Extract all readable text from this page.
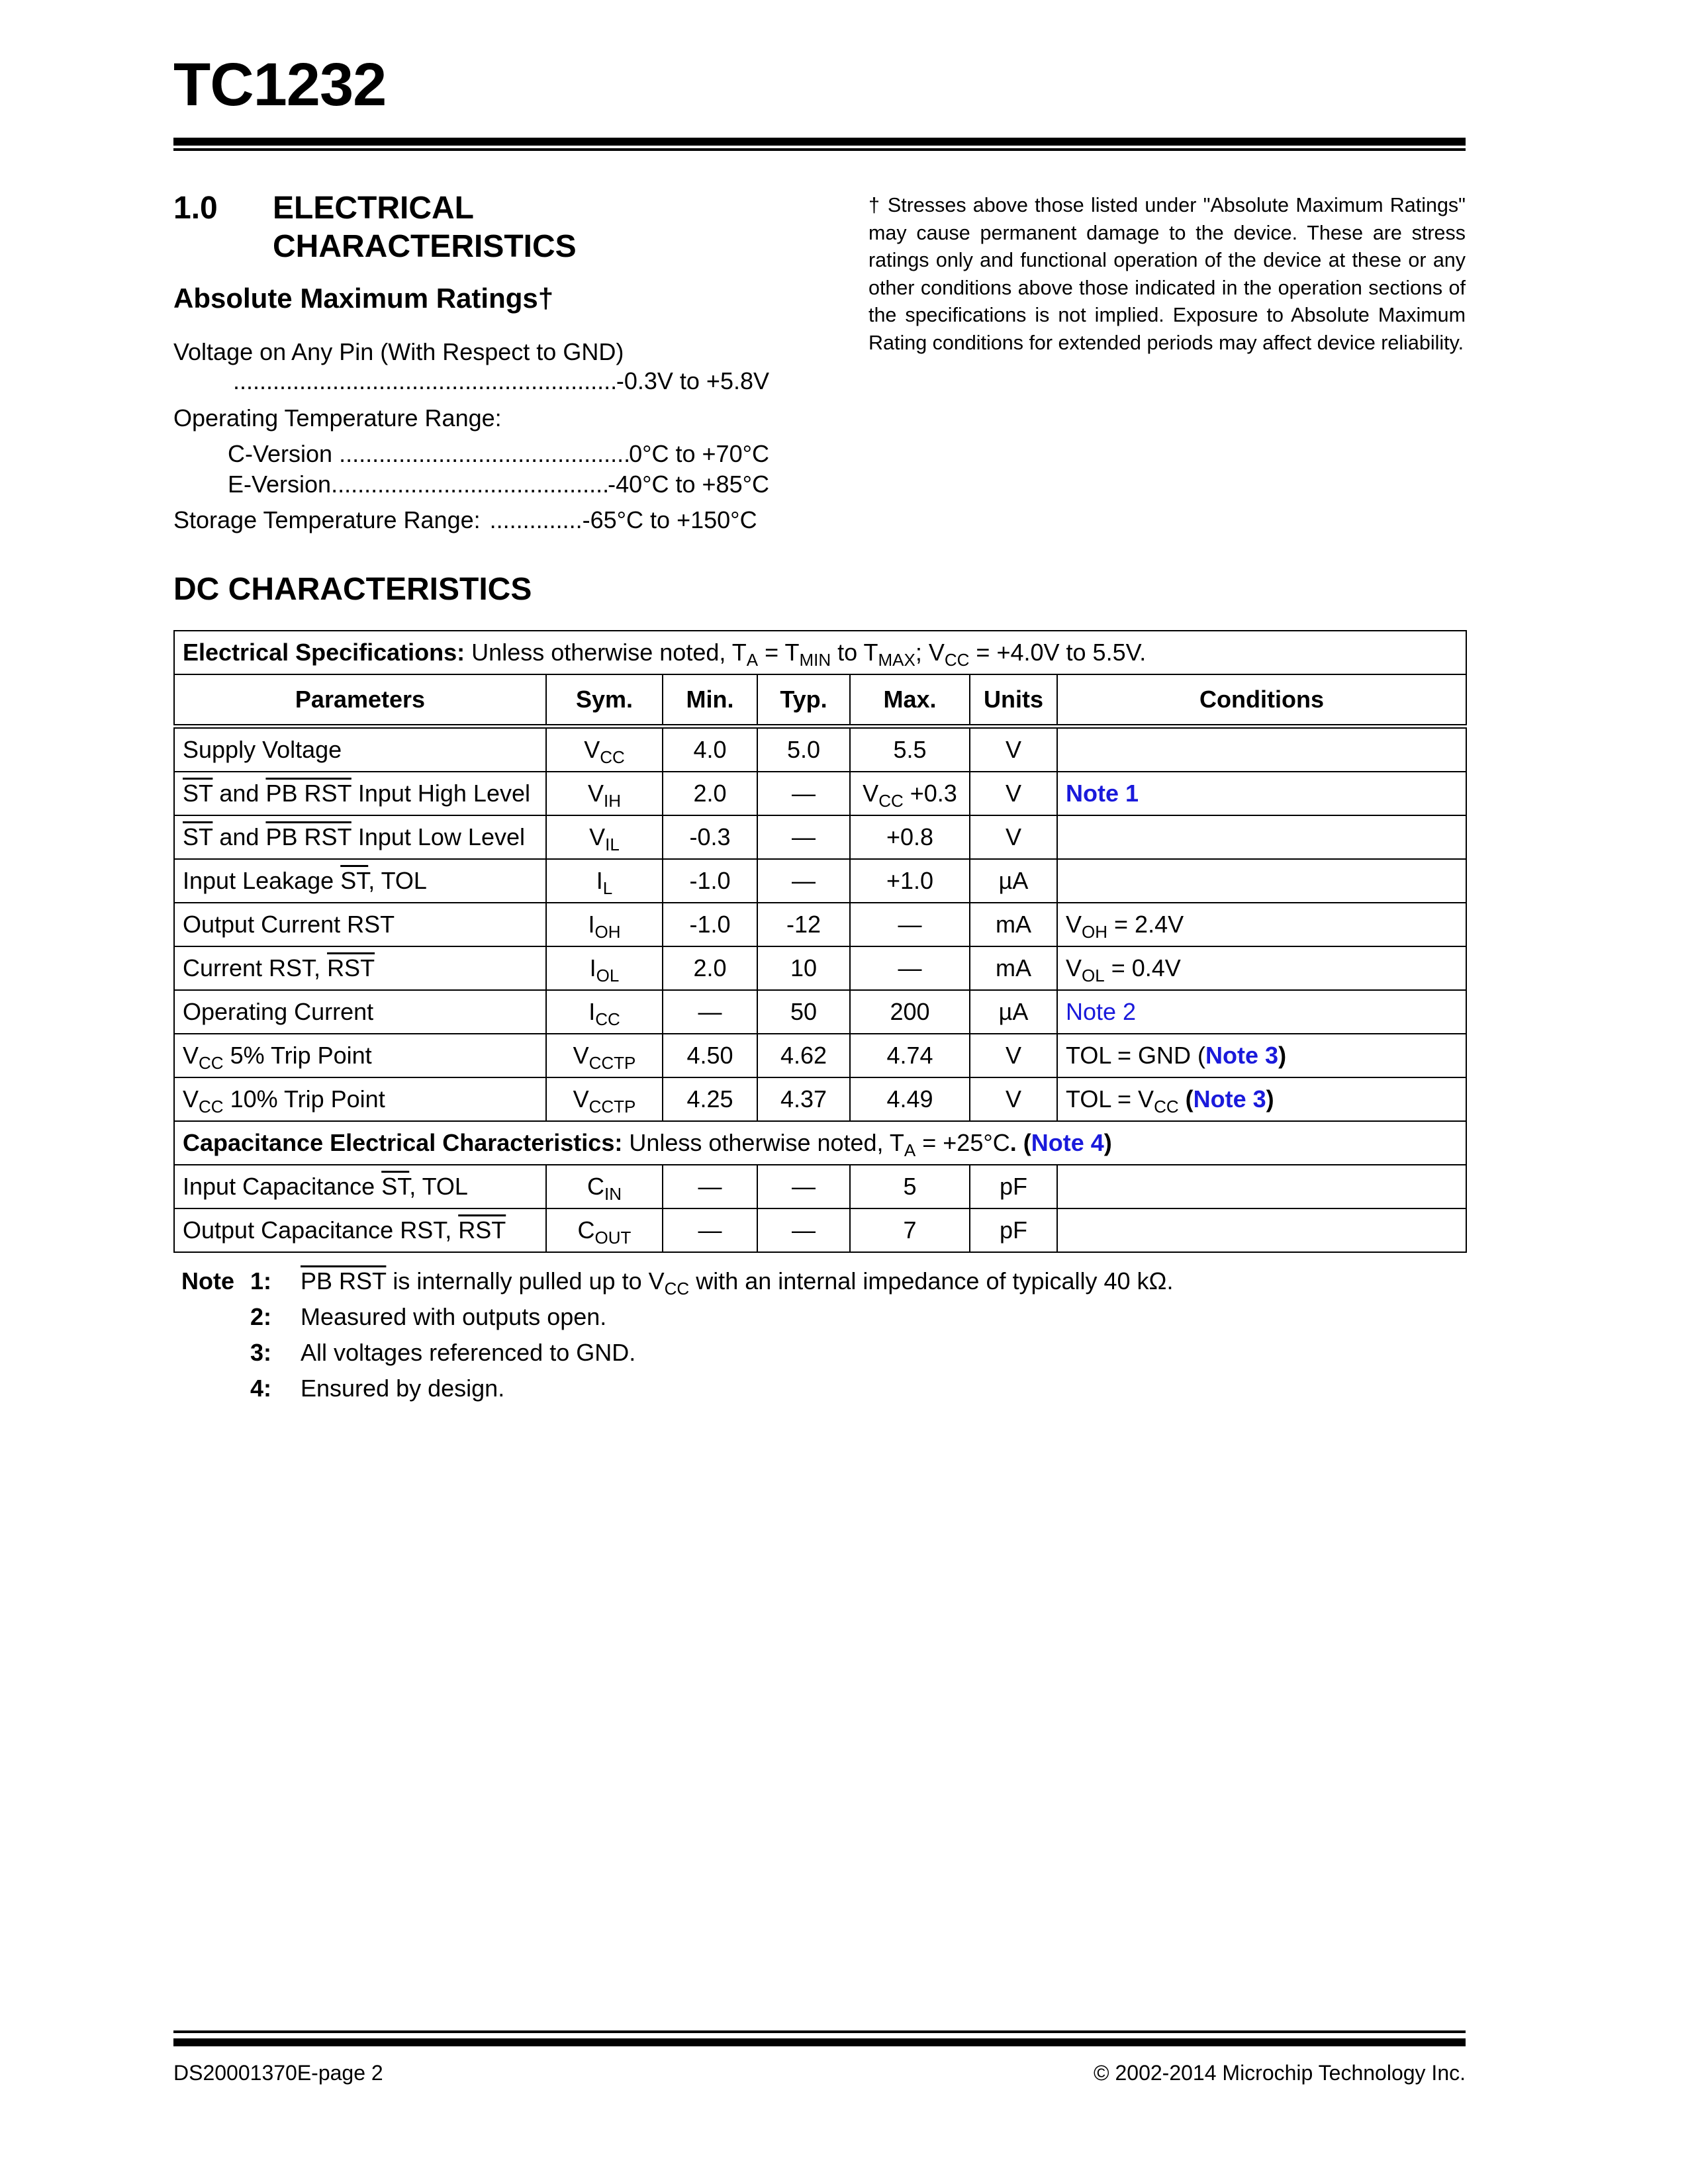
TC1232
1.0 ELECTRICAL
CHARACTERISTICS
Absolute Maximum Ratings†
Voltage on Any Pin (With Respect to GND)
.....
-0.3V to +5.8V
Operating Temperature Range:
C-Version .....	0°C to +70°C
E-Version .....	-40°C to +85°C
Storage Temperature Range: .....	-65°C to +150°C
† Stresses above those listed under "Absolute Maximum Ratings" may cause permanent damage to the device. These are stress ratings only and functional operation of the device at these or any other conditions above those indicated in the operation sections of the specifications is not implied. Exposure to Absolute Maximum Rating conditions for extended periods may affect device reliability.
DC CHARACTERISTICS
Electrical Specifications: Unless otherwise noted, $T_A = T_{MIN}$ to $T_{MAX}$; $V_{CC} = +4.0V$ to 5.5V.						
Parameters	Sym.	Min.	Typ.	Max.	Units	Conditions
Supply Voltage	$V_{CC}$	4.0	5.0	5.5	V	
$\overline{ST}$ and PB RST Input High Level	$V_{IH}$	2.0	—	$V_{CC} +0.3$	V	Note 1
$\overline{ST}$ and PB RST Input Low Level	$V_{IL}$	-0.3	—	+0.8	V	
Input Leakage $\overline{ST}$, TOL	$I_L$	-1.0	—	+1.0	µA	
Output Current RST	$I_{OH}$	-1.0	-12	—	mA	$V_{OH} = 2.4V$
Current RST, $\overline{RST}$	$I_{OL}$	2.0	10	—	mA	$V_{OL} = 0.4V$
Operating Current	$I_{CC}$	—	50	200	µA	Note 2
$V_{CC}$ 5% Trip Point	$V_{CCTP}$	4.50	4.62	4.74	V	TOL = GND (Note 3)
$V_{CC}$ 10% Trip Point	$V_{CCTP}$	4.25	4.37	4.49	V	TOL = $V_{CC}$ (Note 3)
Capacitance Electrical Characteristics: Unless otherwise noted, $T_A = +25^\circ C$. (Note 4)						
Input Capacitance $\overline{ST}$, TOL	$C_{IN}$	—	—	5	pF	
Output Capacitance RST, $\overline{RST}$	$C_{OUT}$	—	—	7	pF	
Note 1: PB RST is internally pulled up to $V_{CC}$ with an internal impedance of typically 40 kΩ.
2: Measured with outputs open.
3: All voltages referenced to GND.
4: Ensured by design.
DS20001370E-page 2	© 2002-2014 Microchip Technology Inc.
